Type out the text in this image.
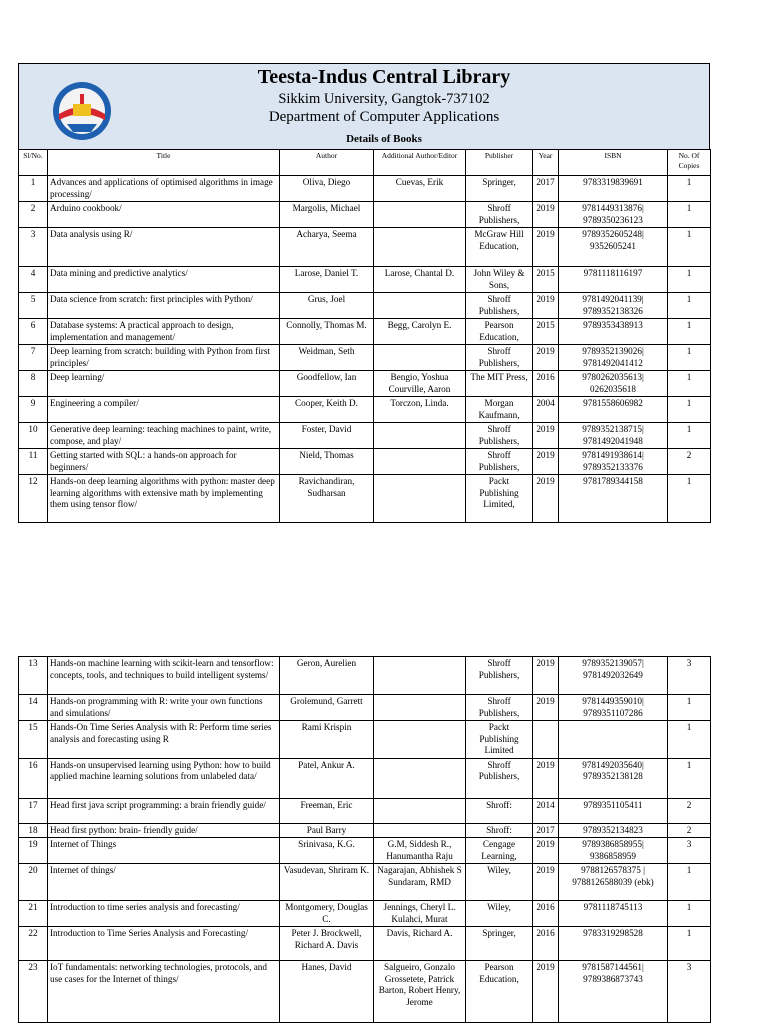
Teesta-Indus Central Library
Sikkim University, Gangtok-737102
Department of Computer Applications
Details of Books
Sl/No.	Title	Author	Additional Author/Editor	Publisher	Year	ISBN	No. Of Copies
1	Advances and applications of optimised algorithms in image processing/	Oliva, Diego	Cuevas, Erik	Springer,	2017	9783319839691	1
2	Arduino cookbook/	Margolis, Michael		Shroff Publishers,	2019	9781449313876| 9789350236123	1
3	Data analysis using R/	Acharya, Seema		McGraw Hill Education,	2019	9789352605248| 9352605241	1
4	Data mining and predictive analytics/	Larose, Daniel T.	Larose, Chantal D.	John Wiley & Sons,	2015	9781118116197	1
5	Data science from scratch: first principles with Python/	Grus, Joel		Shroff Publishers,	2019	9781492041139| 9789352138326	1
6	Database systems: A practical approach to design, implementation and management/	Connolly, Thomas M.	Begg, Carolyn E.	Pearson Education,	2015	9789353438913	1
7	Deep learning from scratch: building with Python from first principles/	Weidman, Seth		Shroff Publishers,	2019	9789352139026| 9781492041412	1
8	Deep learning/	Goodfellow, Ian	Bengio, Yoshua Courville, Aaron	The MIT Press,	2016	9780262035613| 0262035618	1
9	Engineering a compiler/	Cooper, Keith D.	Torczon, Linda.	Morgan Kaufmann,	2004	9781558606982	1
10	Generative deep learning: teaching machines to paint, write, compose, and play/	Foster, David		Shroff Publishers,	2019	9789352138715| 9781492041948	1
11	Getting started with SQL: a hands-on approach for beginners/	Nield, Thomas		Shroff Publishers,	2019	9781491938614| 9789352133376	2
12	Hands-on deep learning algorithms with python: master deep learning algorithms with extensive math by implementing them using tensor flow/	Ravichandiran, Sudharsan		Packt Publishing Limited,	2019	9781789344158	1
13	Hands-on machine learning with scikit-learn and tensorflow: concepts, tools, and techniques to build intelligent systems/	Geron, Aurelien		Shroff Publishers,	2019	9789352139057| 9781492032649	3
14	Hands-on programming with R: write your own functions and simulations/	Grolemund, Garrett		Shroff Publishers,	2019	9781449359010| 9789351107286	1
15	Hands-On Time Series Analysis with R: Perform time series analysis and forecasting using R	Rami Krispin		Packt Publishing Limited			1
16	Hands-on unsupervised learning using Python: how to build applied machine learning solutions from unlabeled data/	Patel, Ankur A.		Shroff Publishers,	2019	9781492035640| 9789352138128	1
17	Head first java script programming: a brain friendly guide/	Freeman, Eric		Shroff:	2014	9789351105411	2
18	Head first python: brain- friendly guide/	Paul Barry		Shroff:	2017	9789352134823	2
19	Internet of Things	Srinivasa, K.G.	G.M, Siddesh R., Hanumantha Raju	Cengage Learning,	2019	9789386858955| 9386858959	3
20	Internet of things/	Vasudevan, Shriram K.	Nagarajan, Abhishek S Sundaram, RMD	Wiley,	2019	9788126578375 | 9788126588039 (ebk)	1
21	Introduction to time series analysis and forecasting/	Montgomery, Douglas C.	Jennings, Cheryl L. Kulahci, Murat	Wiley,	2016	9781118745113	1
22	Introduction to Time Series Analysis and Forecasting/	Peter J. Brockwell, Richard A. Davis	Davis, Richard A.	Springer,	2016	9783319298528	1
23	IoT fundamentals: networking technologies, protocols, and use cases for the Internet of things/	Hanes, David	Salgueiro, Gonzalo Grossetete, Patrick Barton, Robert Henry, Jerome	Pearson Education,	2019	9781587144561| 9789386873743	3
